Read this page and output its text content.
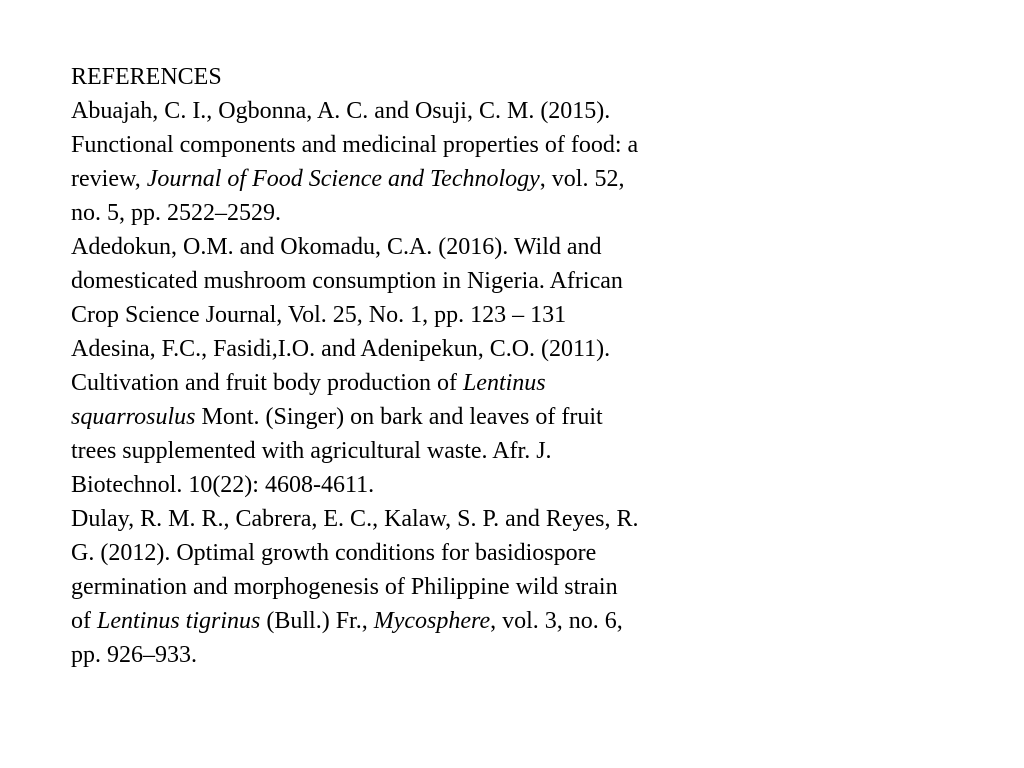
REFERENCES
Abuajah, C. I., Ogbonna, A. C. and Osuji, C. M. (2015).
Functional components and medicinal properties of food: a
review, Journal of Food Science and Technology, vol. 52,
no. 5, pp. 2522–2529.
Adedokun, O.M. and Okomadu, C.A. (2016). Wild and
domesticated mushroom consumption in Nigeria. African
Crop Science Journal, Vol. 25, No. 1, pp. 123 – 131
Adesina, F.C., Fasidi,I.O. and Adenipekun, C.O. (2011).
Cultivation and fruit body production of Lentinus
squarrosulus Mont. (Singer) on bark and leaves of fruit
trees supplemented with agricultural waste. Afr. J.
Biotechnol. 10(22): 4608-4611.
Dulay, R. M. R., Cabrera, E. C., Kalaw, S. P. and Reyes, R.
G. (2012). Optimal growth conditions for basidiospore
germination and morphogenesis of Philippine wild strain
of Lentinus tigrinus (Bull.) Fr., Mycosphere, vol. 3, no. 6,
pp. 926–933.
